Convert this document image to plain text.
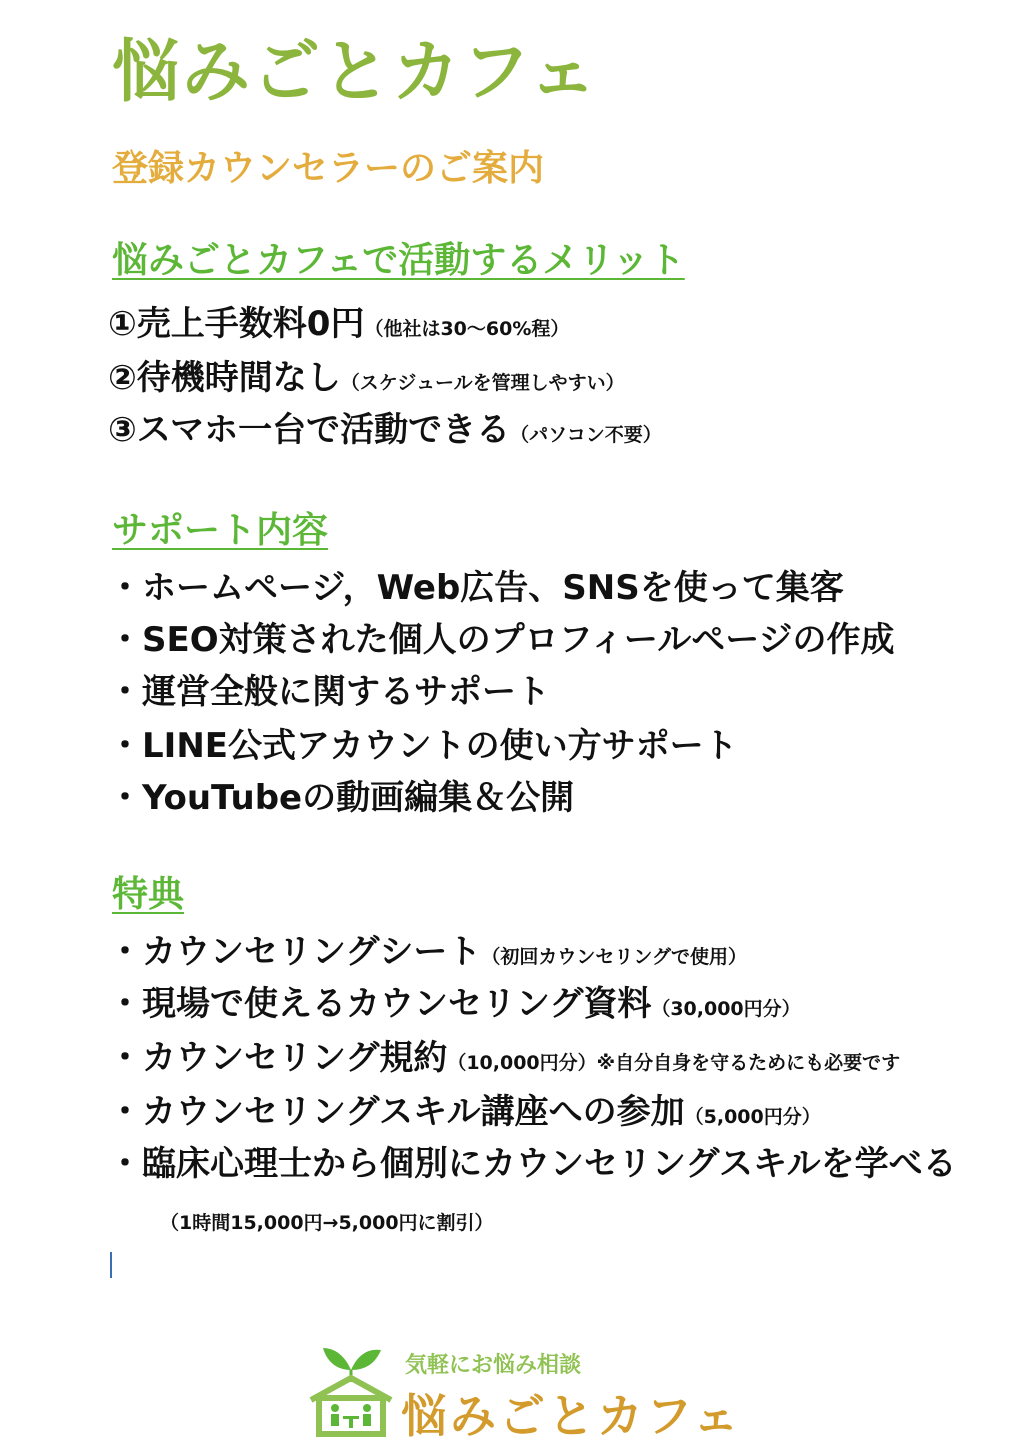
悩みごとカフェ
登録カウンセラーのご案内
悩みごとカフェで活動するメリット
①売上手数料0円（他社は30〜60%程）
②待機時間なし（スケジュールを管理しやすい）
③スマホ一台で活動できる（パソコン不要）
サポート内容
・ホームページ，Web広告、SNSを使って集客
・SEO対策された個人のプロフィールページの作成
・運営全般に関するサポート
・LINE公式アカウントの使い方サポート
・YouTubeの動画編集＆公開
特典
・カウンセリングシート（初回カウンセリングで使用）
・現場で使えるカウンセリング資料（30,000円分）
・カウンセリング規約（10,000円分）※自分自身を守るためにも必要です
・カウンセリングスキル講座への参加（5,000円分）
・臨床心理士から個別にカウンセリングスキルを学べる
（1時間15,000円→5,000円に割引）
気軽にお悩み相談
悩みごとカフェ
